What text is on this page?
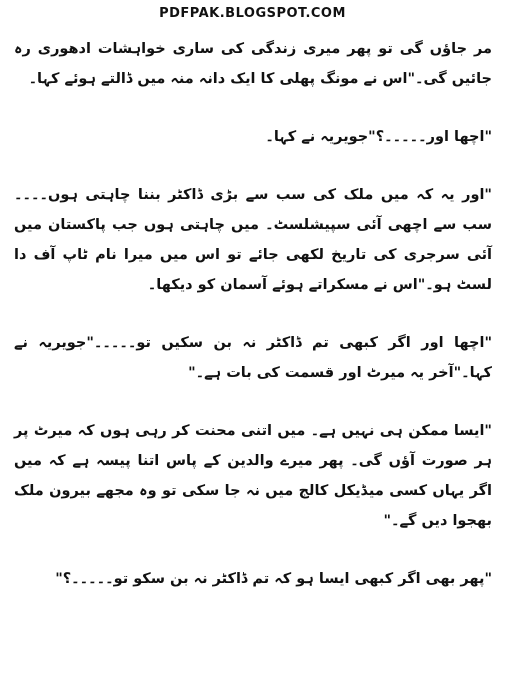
PDFPAK.BLOGSPOT.COM

مر جاؤں گی تو پھر میری زندگی کی ساری خواہشات ادھوری رہ جائیں گی۔"اس نے مونگ پھلی کا ایک دانہ منہ میں ڈالتے ہوئے کہا۔

"اچھا اور۔۔۔۔۔؟"جویریہ نے کہا۔

"اور یہ کہ میں ملک کی سب سے بڑی ڈاکٹر بننا چاہتی ہوں۔۔۔۔ سب سے اچھی آئی سپیشلسٹ۔ میں چاہتی ہوں جب پاکستان میں آئی سرجری کی تاریخ لکھی جائے تو اس میں میرا نام ٹاپ آف دا لسٹ ہو۔"اس نے مسکراتے ہوئے آسمان کو دیکھا۔

"اچھا اور اگر کبھی تم ڈاکٹر نہ بن سکیں تو۔۔۔۔۔"جویریہ نے کہا۔"آخر یہ میرٹ اور قسمت کی بات ہے۔"

"ایسا ممکن ہی نہیں ہے۔ میں اتنی محنت کر رہی ہوں کہ میرٹ پر ہر صورت آؤں گی۔ پھر میرے والدین کے پاس اتنا پیسہ ہے کہ میں اگر یہاں کسی میڈیکل کالج میں نہ جا سکی تو وہ مجھے بیرون ملک بھجوا دیں گے۔"

"پھر بھی اگر کبھی ایسا ہو کہ تم ڈاکٹر نہ بن سکو تو۔۔۔۔۔؟"
